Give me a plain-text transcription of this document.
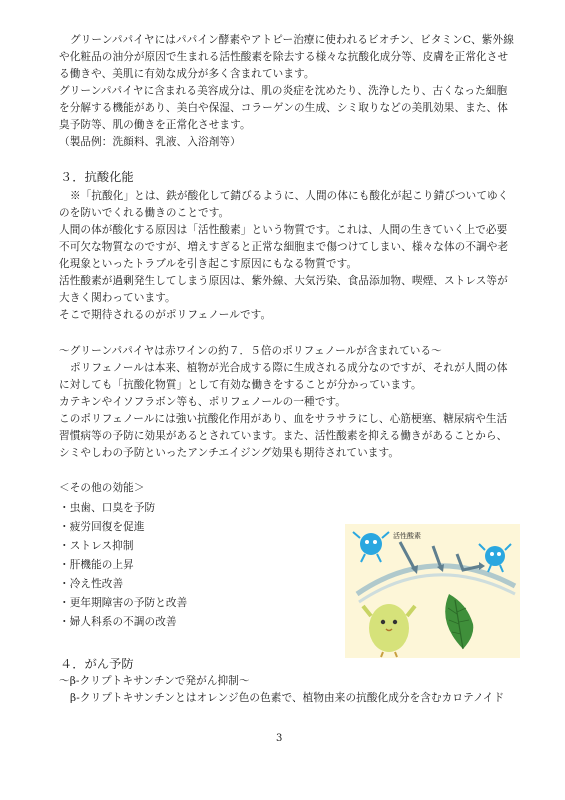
グリーンパパイヤにはパパイン酵素やアトピー治療に使われるビオチン、ビタミンC、紫外線
や化粧品の油分が原因で生まれる活性酸素を除去する様々な抗酸化成分等、皮膚を正常化させ
る働きや、美肌に有効な成分が多く含まれています。
グリーンパパイヤに含まれる美容成分は、肌の炎症を沈めたり、洗浄したり、古くなった細胞
を分解する機能があり、美白や保湿、コラーゲンの生成、シミ取りなどの美肌効果、また、体
臭予防等、肌の働きを正常化させます。
（製品例：洗顔料、乳液、入浴剤等）
３．抗酸化能
※「抗酸化」とは、鉄が酸化して錆びるように、人間の体にも酸化が起こり錆びついてゆく
のを防いでくれる働きのことです。
人間の体が酸化する原因は「活性酸素」という物質です。これは、人間の生きていく上で必要
不可欠な物質なのですが、増えすぎると正常な細胞まで傷つけてしまい、様々な体の不調や老
化現象といったトラブルを引き起こす原因にもなる物質です。
活性酸素が過剰発生してしまう原因は、紫外線、大気汚染、食品添加物、喫煙、ストレス等が
大きく関わっています。
そこで期待されるのがポリフェノールです。
～グリーンパパイヤは赤ワインの約７．５倍のポリフェノールが含まれている～
ポリフェノールは本来、植物が光合成する際に生成される成分なのですが、それが人間の体
に対しても「抗酸化物質」として有効な働きをすることが分かっています。
カテキンやイソフラボン等も、ポリフェノールの一種です。
このポリフェノールには強い抗酸化作用があり、血をサラサラにし、心筋梗塞、糖尿病や生活
習慣病等の予防に効果があるとされています。また、活性酸素を抑える働きがあることから、
シミやしわの予防といったアンチエイジング効果も期待されています。
＜その他の効能＞
・虫歯、口臭を予防
・疲労回復を促進
・ストレス抑制
・肝機能の上昇
・冷え性改善
・更年期障害の予防と改善
・婦人科系の不調の改善
活性酸素
４．がん予防
～β-クリプトキサンチンで発がん抑制～
β-クリプトキサンチンとはオレンジ色の色素で、植物由来の抗酸化成分を含むカロテノイド
3
